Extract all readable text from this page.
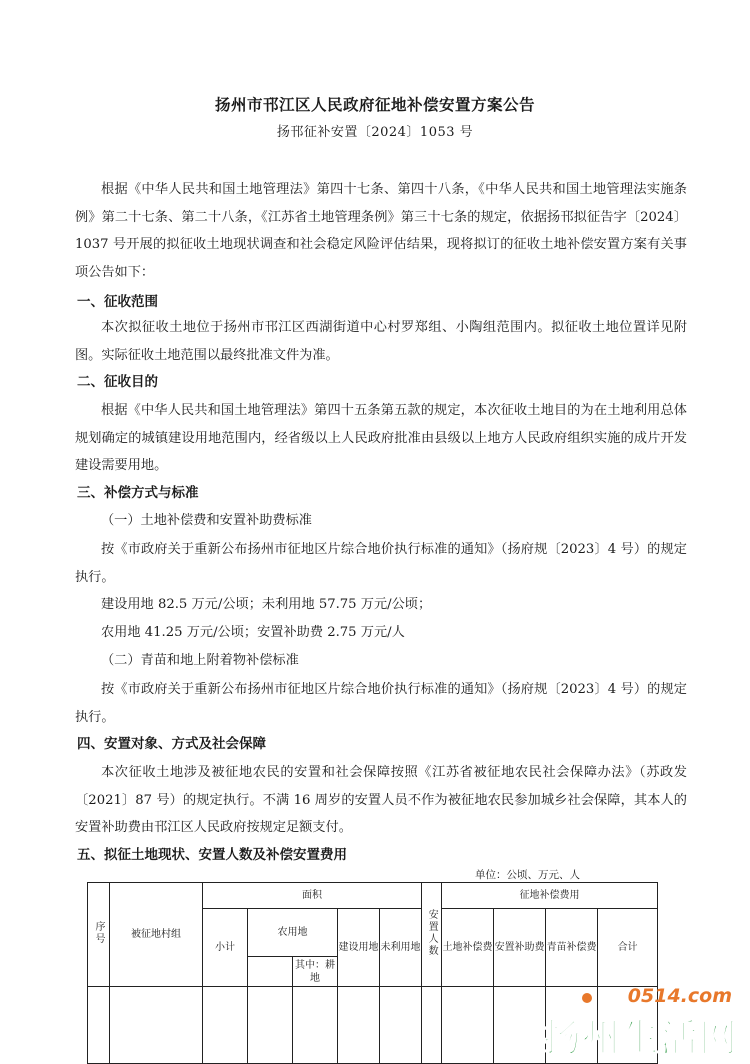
扬州市邗江区人民政府征地补偿安置方案公告
扬邗征补安置〔2024〕1053 号

根据《中华人民共和国土地管理法》第四十七条、第四十八条，《中华人民共和国土地管理法实施条例》第二十七条、第二十八条，《江苏省土地管理条例》第三十七条的规定，依据扬邗拟征告字〔2024〕1037 号开展的拟征收土地现状调查和社会稳定风险评估结果，现将拟订的征收土地补偿安置方案有关事项公告如下：

一、征收范围

本次拟征收土地位于扬州市邗江区西湖街道中心村罗郑组、小陶组范围内。拟征收土地位置详见附图。实际征收土地范围以最终批准文件为准。

二、征收目的

根据《中华人民共和国土地管理法》第四十五条第五款的规定，本次征收土地目的为在土地利用总体规划确定的城镇建设用地范围内，经省级以上人民政府批准由县级以上地方人民政府组织实施的成片开发建设需要用地。

三、补偿方式与标准

（一）土地补偿费和安置补助费标准

按《市政府关于重新公布扬州市征地区片综合地价执行标准的通知》（扬府规〔2023〕4 号）的规定执行。

建设用地 82.5 万元/公顷；未利用地 57.75 万元/公顷；

农用地 41.25 万元/公顷；安置补助费 2.75 万元/人

（二）青苗和地上附着物补偿标准

按《市政府关于重新公布扬州市征地区片综合地价执行标准的通知》（扬府规〔2023〕4 号）的规定执行。

四、安置对象、方式及社会保障

本次征收土地涉及被征地农民的安置和社会保障按照《江苏省被征地农民社会保障办法》（苏政发〔2021〕87 号）的规定执行。不满 16 周岁的安置人员不作为被征地农民参加城乡社会保障，其本人的安置补助费由邗江区人民政府按规定足额支付。

五、拟征土地现状、安置人数及补偿安置费用

单位：公顷、万元、人
序号	被征地村组	面积					安置人数	征地补偿费用			
		小计	农用地		建设用地	未利用地		土地补偿费	安置补助费	青苗补偿费	合计
				其中：耕地							

0514.com
扬州生活网
